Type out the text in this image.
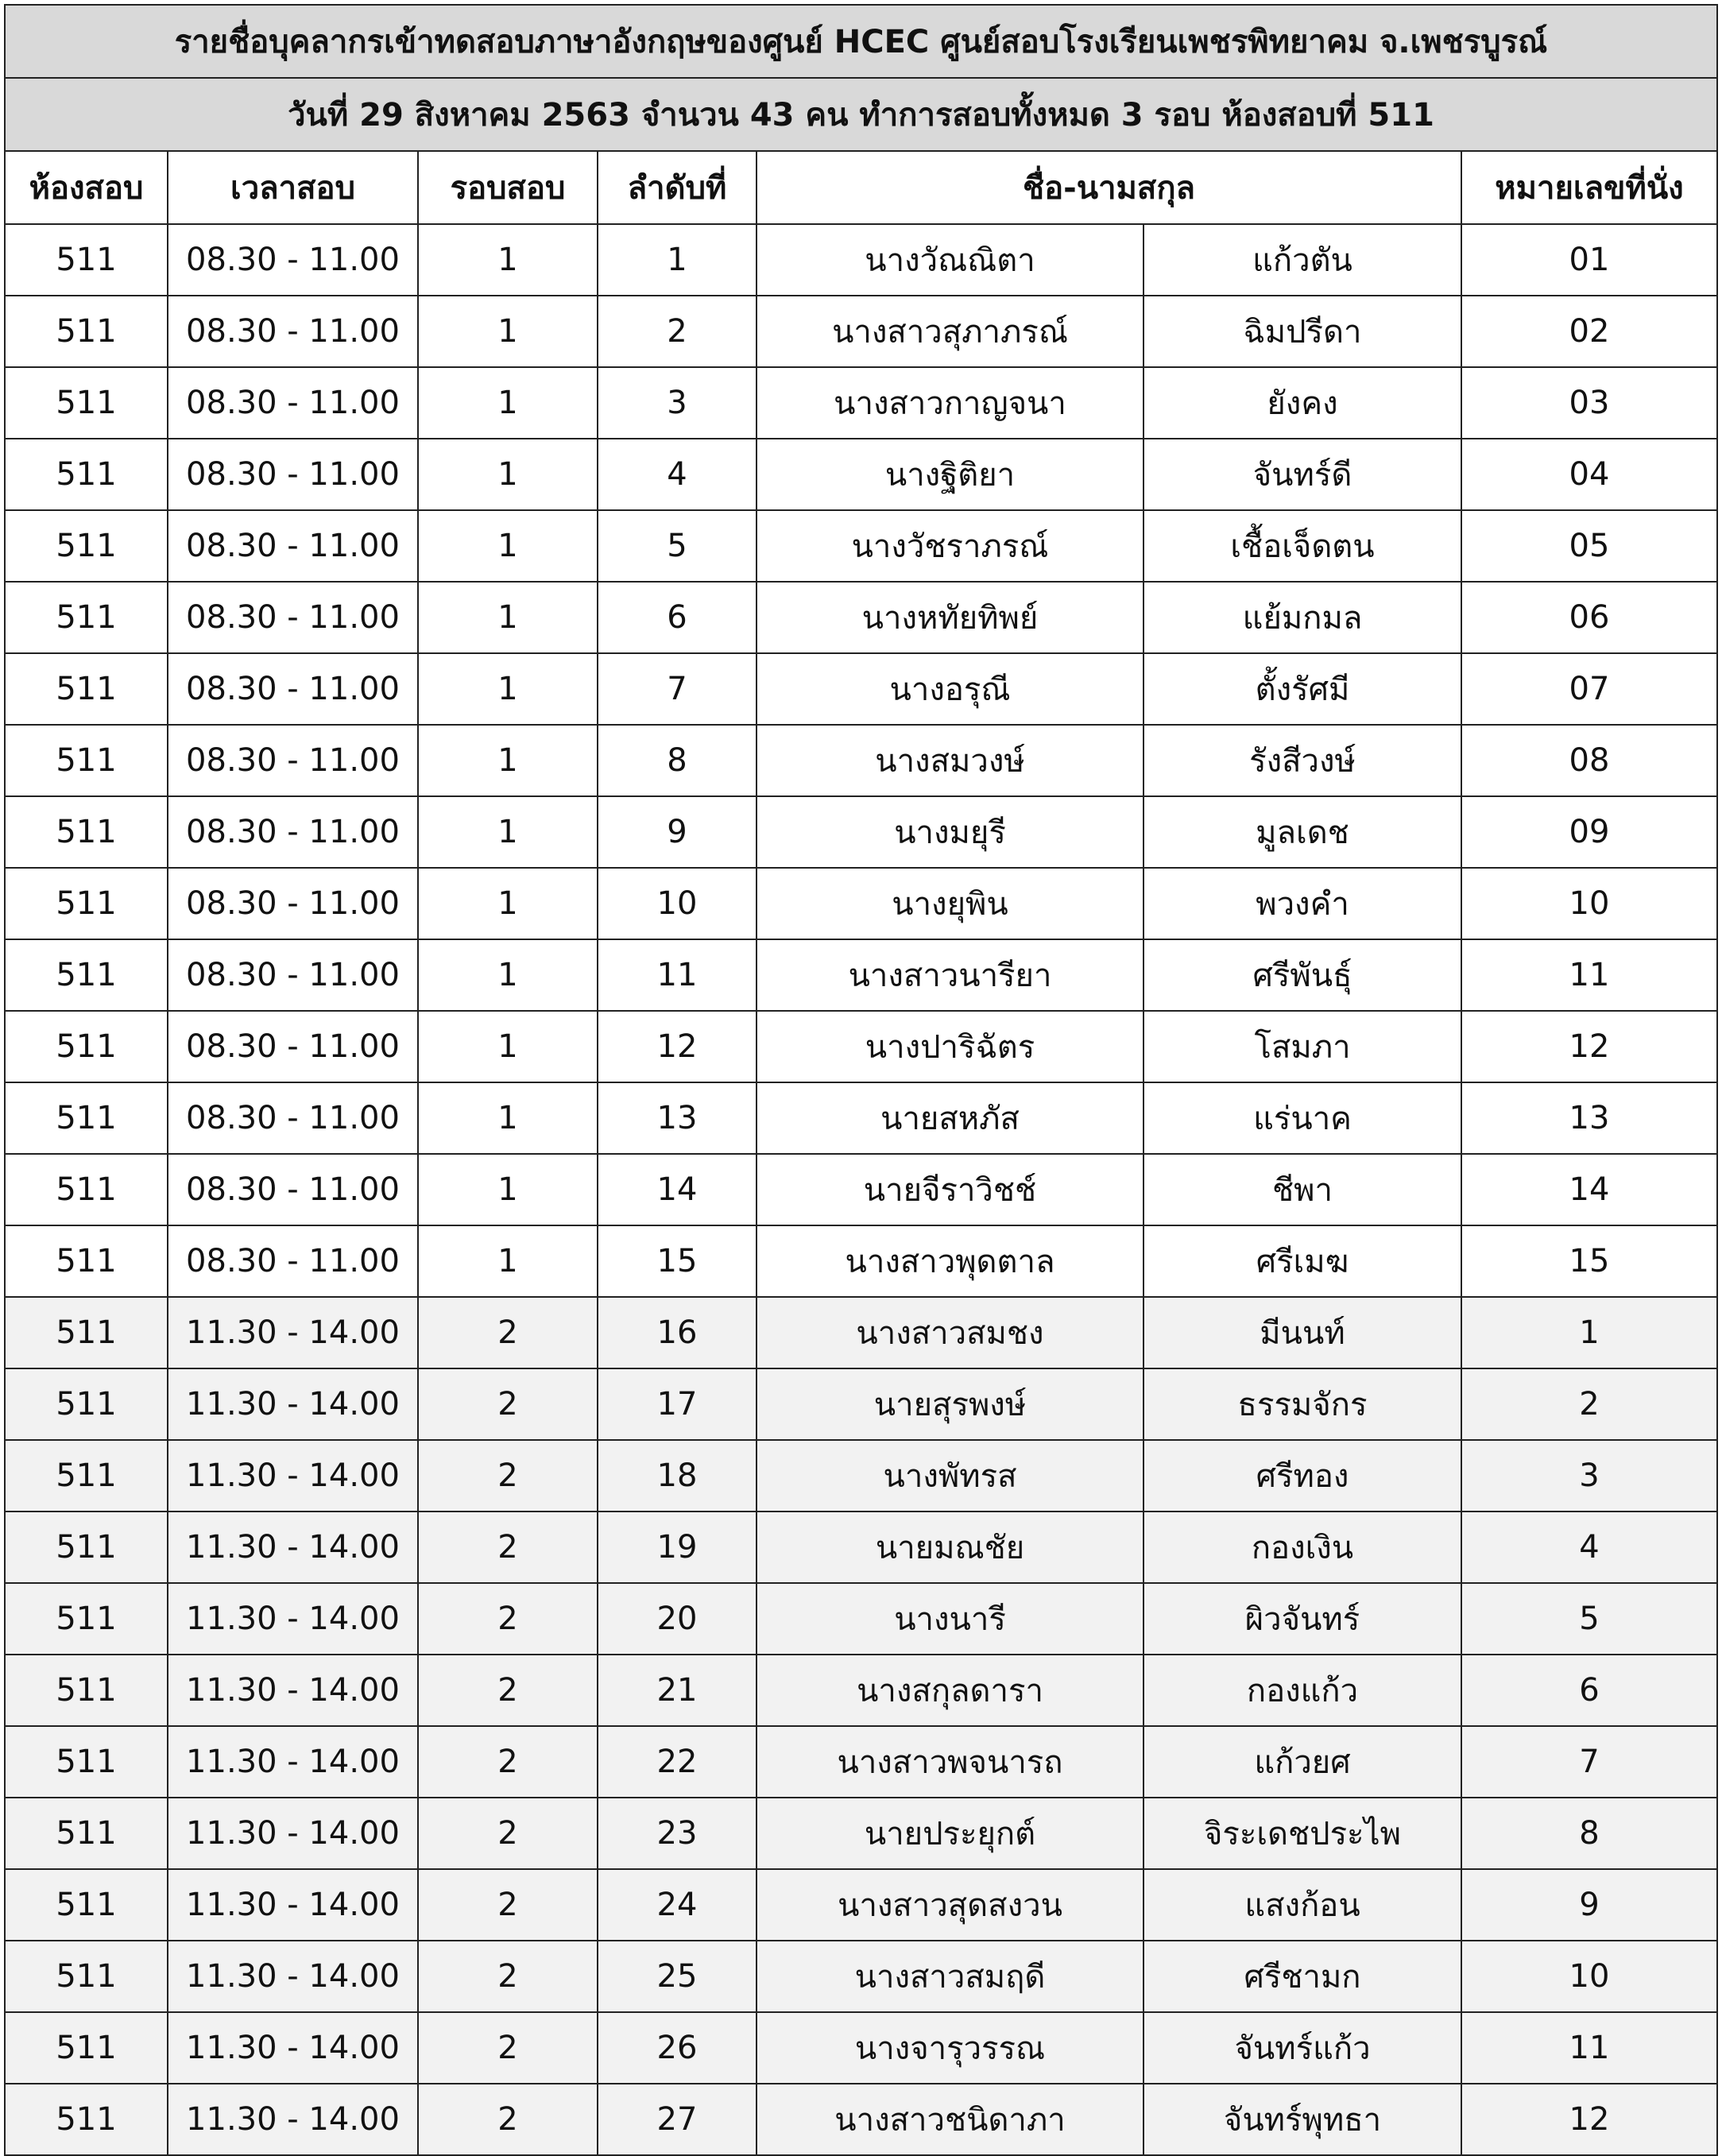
รายชื่อบุคลากรเข้าทดสอบภาษาอังกฤษของศูนย์ HCEC ศูนย์สอบโรงเรียนเพชรพิทยาคม จ.เพชรบูรณ์						
วันที่ 29 สิงหาคม 2563 จำนวน 43 คน ทำการสอบทั้งหมด 3 รอบ ห้องสอบที่ 511						
ห้องสอบ	เวลาสอบ	รอบสอบ	ลำดับที่	ชื่อ-นามสกุล		หมายเลขที่นั่ง
511	08.30 - 11.00	1	1	นางวัณณิตา	แก้วตัน	01
511	08.30 - 11.00	1	2	นางสาวสุภาภรณ์	ฉิมปรีดา	02
511	08.30 - 11.00	1	3	นางสาวกาญจนา	ยังคง	03
511	08.30 - 11.00	1	4	นางฐิติยา	จันทร์ดี	04
511	08.30 - 11.00	1	5	นางวัชราภรณ์	เชื้อเจ็ดตน	05
511	08.30 - 11.00	1	6	นางหทัยทิพย์	แย้มกมล	06
511	08.30 - 11.00	1	7	นางอรุณี	ตั้งรัศมี	07
511	08.30 - 11.00	1	8	นางสมวงษ์	รังสีวงษ์	08
511	08.30 - 11.00	1	9	นางมยุรี	มูลเดช	09
511	08.30 - 11.00	1	10	นางยุพิน	พวงคำ	10
511	08.30 - 11.00	1	11	นางสาวนารียา	ศรีพันธุ์	11
511	08.30 - 11.00	1	12	นางปาริฉัตร	โสมภา	12
511	08.30 - 11.00	1	13	นายสหภัส	แร่นาค	13
511	08.30 - 11.00	1	14	นายจีราวิชช์	ชีพา	14
511	08.30 - 11.00	1	15	นางสาวพุดตาล	ศรีเมฆ	15
511	11.30 - 14.00	2	16	นางสาวสมชง	มีนนท์	1
511	11.30 - 14.00	2	17	นายสุรพงษ์	ธรรมจักร	2
511	11.30 - 14.00	2	18	นางพัทรส	ศรีทอง	3
511	11.30 - 14.00	2	19	นายมณชัย	กองเงิน	4
511	11.30 - 14.00	2	20	นางนารี	ผิวจันทร์	5
511	11.30 - 14.00	2	21	นางสกุลดารา	กองแก้ว	6
511	11.30 - 14.00	2	22	นางสาวพจนารถ	แก้วยศ	7
511	11.30 - 14.00	2	23	นายประยุกต์	จิระเดชประไพ	8
511	11.30 - 14.00	2	24	นางสาวสุดสงวน	แสงก้อน	9
511	11.30 - 14.00	2	25	นางสาวสมฤดี	ศรีชามก	10
511	11.30 - 14.00	2	26	นางจารุวรรณ	จันทร์แก้ว	11
511	11.30 - 14.00	2	27	นางสาวชนิดาภา	จันทร์พุทธา	12
